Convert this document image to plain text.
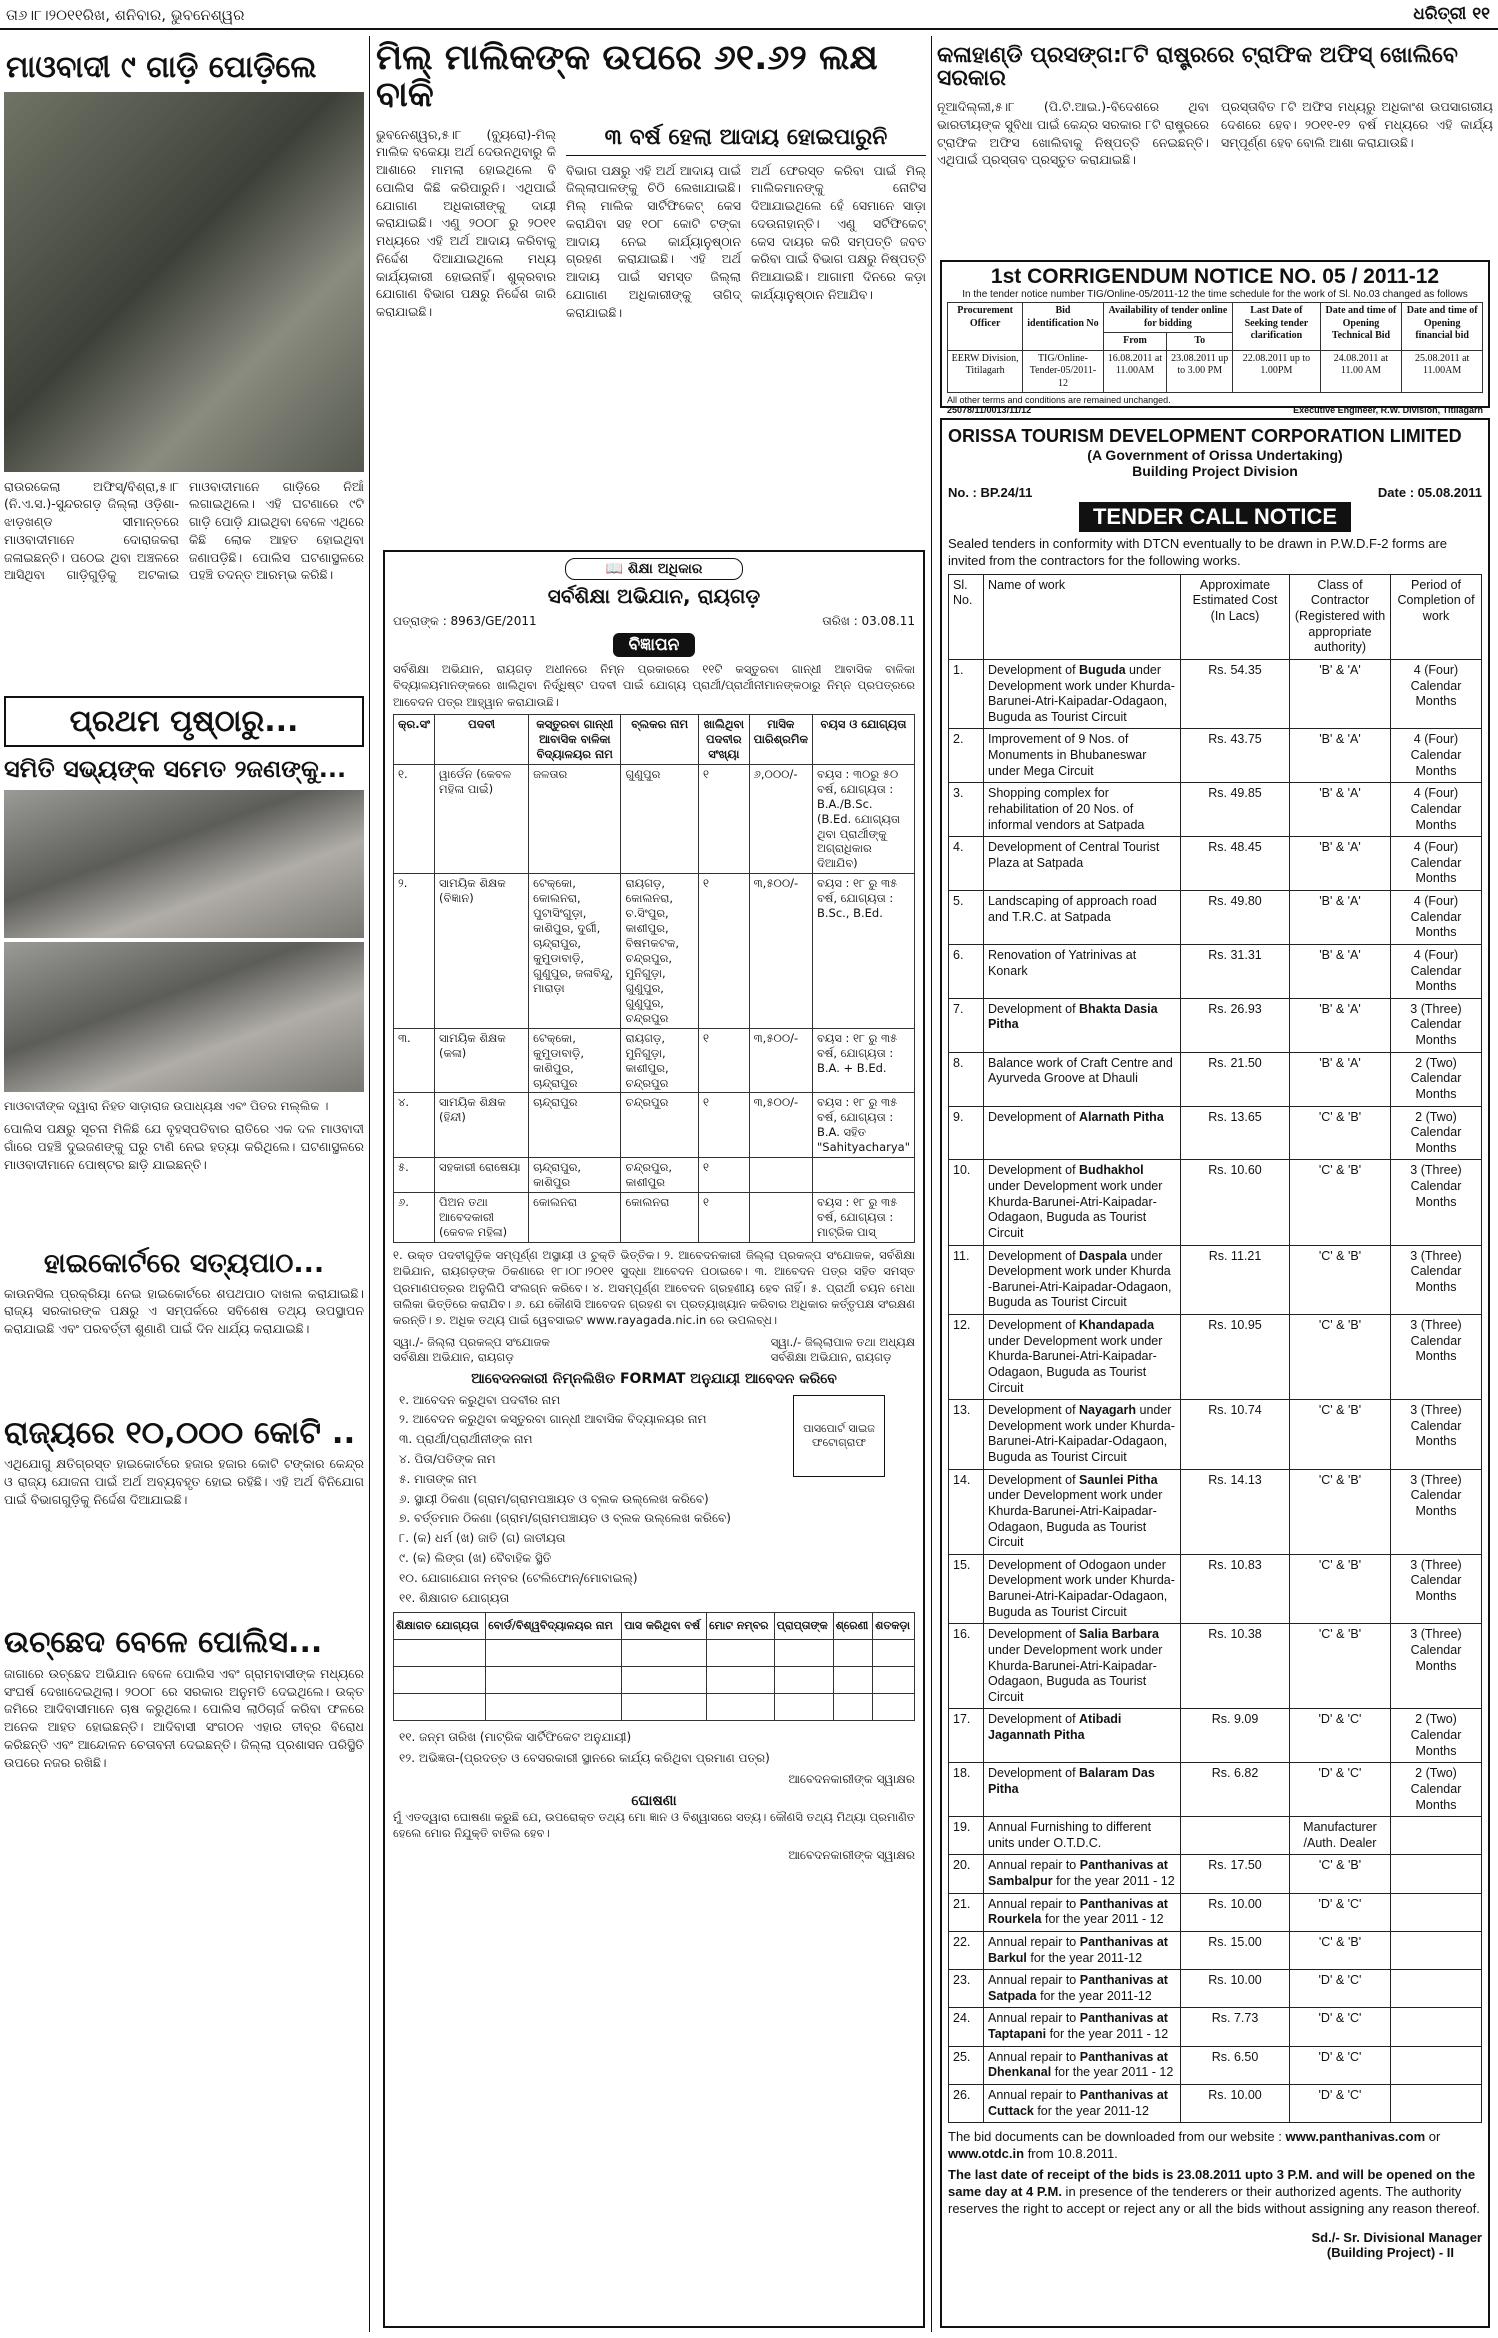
ତା୬।୮।୨୦୧୧ରିଖ, ଶନିବାର, ଭୁବନେଶ୍ୱର	ଧରିତ୍ରୀ ୧୧
ମାଓବାଦୀ ୯ ଗାଡ଼ି ପୋଡ଼ିଲେ
ରାଉରକେଲା ଅଫିସ୍‌/ବିଶ୍ରା,୫।୮ (ନି.ଏ.ସ.)-ସୁନ୍ଦରଗଡ଼ ଜିଲ୍ଲା ଓଡ଼ିଶା-ଝାଡ଼ଖଣ୍ଡ ସୀମାନ୍ତରେ ମାଓବାଦୀମାନେ ଦୋରାଜକରା ଜଳାଇଛନ୍ତି। ପଠେଇ ଥିବା ଅଞ୍ଚଳରେ ଆସିଥିବା ଗାଡ଼ିଗୁଡ଼ିକୁ ଅଟକାଇ ମାଓବାଦୀମାନେ ଗାଡ଼ିରେ ନିଆଁ ଲଗାଇଥିଲେ। ଏହି ଘଟଣାରେ ୯ଟି ଗାଡ଼ି ପୋଡ଼ି ଯାଇଥିବା ବେଳେ ଏଥିରେ କିଛି ଲୋକ ଆହତ ହୋଇଥିବା ଜଣାପଡ଼ିଛି। ପୋଲିସ ଘଟଣାସ୍ଥଳରେ ପହଞ୍ଚି ତଦନ୍ତ ଆରମ୍ଭ କରିଛି।
ପ୍ରଥମ ପୃଷ୍ଠାରୁ...
ସମିତି ସଭ୍ୟଙ୍କ ସମେତ ୨ଜଣଙ୍କୁ...
ମାଓବାଦୀଙ୍କ ଦ୍ୱାରା ନିହତ ସାଡ଼ାରାଜ ଉପାଧ୍ୟକ୍ଷ ଏବଂ ପିତର ମଲ୍ଲିକ ।
ପୋଲିସ ପକ୍ଷରୁ ସୂଚନା ମିଳିଛି ଯେ ବୃହସ୍ପତିବାର ରାତିରେ ଏକ ଦଳ ମାଓବାଦୀ ଗାଁରେ ପହଞ୍ଚି ଦୁଇଜଣଙ୍କୁ ଘରୁ ଟାଣି ନେଇ ହତ୍ୟା କରିଥିଲେ। ଘଟଣାସ୍ଥଳରେ ମାଓବାଦୀମାନେ ପୋଷ୍ଟର ଛାଡ଼ି ଯାଇଛନ୍ତି।
ହାଇକୋର୍ଟରେ ସତ୍ୟପାଠ...
କାଉନସିଲ ପ୍ରକ୍ରିୟା ନେଇ ହାଇକୋର୍ଟରେ ଶପଥପାଠ ଦାଖଲ କରାଯାଇଛି। ରାଜ୍ୟ ସରକାରଙ୍କ ପକ୍ଷରୁ ଏ ସମ୍ପର୍କରେ ସବିଶେଷ ତଥ୍ୟ ଉପସ୍ଥାପନ କରାଯାଇଛି ଏବଂ ପରବର୍ତ୍ତୀ ଶୁଣାଣି ପାଇଁ ଦିନ ଧାର୍ଯ୍ୟ କରାଯାଇଛି।
ରାଜ୍ୟରେ ୧୦,୦୦୦ କୋଟି ..
ଏଥିଯୋଗୁ କ୍ଷତିଗ୍ରସ୍ତ ହାଇକୋର୍ଟରେ ହଜାର ହଜାର କୋଟି ଟଙ୍କାର କେନ୍ଦ୍ର ଓ ରାଜ୍ୟ ଯୋଜନା ପାଇଁ ଅର୍ଥ ଅବ୍ୟବହୃତ ହୋଇ ରହିଛି। ଏହି ଅର୍ଥ ବିନିଯୋଗ ପାଇଁ ବିଭାଗଗୁଡ଼ିକୁ ନିର୍ଦ୍ଦେଶ ଦିଆଯାଇଛି।
ଉଚ୍ଛେଦ ବେଳେ ପୋଲିସ...
ଜାଗାରେ ଉଚ୍ଛେଦ ଅଭିଯାନ ବେଳେ ପୋଲିସ ଏବଂ ଗ୍ରାମବାସୀଙ୍କ ମଧ୍ୟରେ ସଂଘର୍ଷ ଦେଖାଦେଇଥିଲା। ୨୦୦୮ ରେ ସରକାର ଅନୁମତି ଦେଇଥିଲେ। ଉକ୍ତ ଜମିରେ ଆଦିବାସୀମାନେ ଚାଷ କରୁଥିଲେ। ପୋଲିସ ଲାଠିଚାର୍ଜ କରିବା ଫଳରେ ଅନେକ ଆହତ ହୋଇଛନ୍ତି। ଆଦିବାସୀ ସଂଗଠନ ଏହାର ତୀବ୍ର ବିରୋଧ କରିଛନ୍ତି ଏବଂ ଆନ୍ଦୋଳନ ଚେତାବନୀ ଦେଇଛନ୍ତି। ଜିଲ୍ଲା ପ୍ରଶାସନ ପରିସ୍ଥିତି ଉପରେ ନଜର ରଖିଛି।
ମିଲ୍ ମାଲିକଙ୍କ ଉପରେ ୬୧.୬୨ ଲକ୍ଷ ବାକି
ଭୁବନେଶ୍ୱର,୫।୮ (ବ୍ୟୁରୋ)-ମିଲ୍ ମାଲିକ ବକେୟା ଅର୍ଥ ଦେଉନଥିବାରୁ କି ଆଶାରେ ମାମଲା ହୋଇଥିଲେ ବି ପୋଲିସ କିଛି କରିପାରୁନି। ଏଥିପାଇଁ ଯୋଗାଣ ଅଧିକାରୀଙ୍କୁ ଦାୟୀ କରାଯାଇଛି। ଏଣୁ ୨୦୦୮ ରୁ ୨୦୧୧ ମଧ୍ୟରେ ଏହି ଅର୍ଥ ଆଦାୟ କରିବାକୁ ନିର୍ଦ୍ଦେଶ ଦିଆଯାଇଥିଲେ ମଧ୍ୟ କାର୍ଯ୍ୟକାରୀ ହୋଇନାହିଁ। ଶୁକ୍ରବାର ଯୋଗାଣ ବିଭାଗ ପକ୍ଷରୁ ନିର୍ଦ୍ଦେଶ ଜାରି କରାଯାଇଛି।
୩ ବର୍ଷ ହେଲା ଆଦାୟ ହୋଇପାରୁନି
ବିଭାଗ ପକ୍ଷରୁ ଏହି ଅର୍ଥ ଆଦାୟ ପାଇଁ ଜିଲ୍ଲାପାଳଙ୍କୁ ଚିଠି ଲେଖାଯାଇଛି। ମିଲ୍ ମାଲିକ ସାର୍ଟିଫିକେଟ୍ କେସ କରାଯିବା ସହ ୧୦୮ କୋଟି ଟଙ୍କା ଆଦାୟ ନେଇ କାର୍ଯ୍ୟାନୁଷ୍ଠାନ ଗ୍ରହଣ କରାଯାଇଛି। ଏହି ଅର୍ଥ ଆଦାୟ ପାଇଁ ସମସ୍ତ ଜିଲ୍ଲା ଯୋଗାଣ ଅଧିକାରୀଙ୍କୁ ତାଗିଦ୍ କରାଯାଇଛି।
ଅର୍ଥ ଫେରସ୍ତ କରିବା ପାଇଁ ମିଲ୍ ମାଲିକମାନଙ୍କୁ ନୋଟିସ ଦିଆଯାଇଥିଲେ ହେଁ ସେମାନେ ସାଡ଼ା ଦେଉନାହାନ୍ତି। ଏଣୁ ସର୍ଟିଫିକେଟ୍ କେସ ଦାୟର କରି ସମ୍ପତ୍ତି ଜବତ କରିବା ପାଇଁ ବିଭାଗ ପକ୍ଷରୁ ନିଷ୍ପତ୍ତି ନିଆଯାଇଛି। ଆଗାମୀ ଦିନରେ କଡ଼ା କାର୍ଯ୍ୟାନୁଷ୍ଠାନ ନିଆଯିବ।
କଳାହାଣ୍ଡି ପ୍ରସଙ୍ଗ:୮ଟି ରାଷ୍ଟ୍ରରେ ଟ୍ରାଫିକ ଅଫିସ୍ ଖୋଲିବେ ସରକାର
ନୂଆଦିଲ୍ଲୀ,୫।୮ (ପି.ଟି.ଆଇ.)-ବିଦେଶରେ ଥିବା ଭାରତୀୟଙ୍କ ସୁବିଧା ପାଇଁ କେନ୍ଦ୍ର ସରକାର ୮ଟି ରାଷ୍ଟ୍ରରେ ଟ୍ରାଫିକ ଅଫିସ ଖୋଲିବାକୁ ନିଷ୍ପତ୍ତି ନେଇଛନ୍ତି। ଏଥିପାଇଁ ପ୍ରସ୍ତାବ ପ୍ରସ୍ତୁତ କରାଯାଇଛି।
ପ୍ରସ୍ତାବିତ ୮ଟି ଅଫିସ ମଧ୍ୟରୁ ଅଧିକାଂଶ ଉପସାଗରୀୟ ଦେଶରେ ହେବ। ୨୦୧୧-୧୨ ବର୍ଷ ମଧ୍ୟରେ ଏହି କାର୍ଯ୍ୟ ସମ୍ପୂର୍ଣ୍ଣ ହେବ ବୋଲି ଆଶା କରାଯାଉଛି।
1st CORRIGENDUM NOTICE NO. 05 / 2011-12
In the tender notice number TIG/Online-05/2011-12 the time schedule for the work of Sl. No.03 changed as follows
Procurement Officer	Bid identification No	Availability of tender online for bidding		Last Date of Seeking tender clarification	Date and time of Opening Technical Bid	Date and time of Opening financial bid
		From	To			
EERW Division, Titilagarh	TIG/Online-Tender-05/2011-12	16.08.2011 at 11.00AM	23.08.2011 up to 3.00 PM	22.08.2011 up to 1.00PM	24.08.2011 at 11.00 AM	25.08.2011 at 11.00AM
All other terms and conditions are remained unchanged.
25078/11/0013/11/12	Executive Engineer, R.W. Division, Titilagarh
ORISSA TOURISM DEVELOPMENT CORPORATION LIMITED
(A Government of Orissa Undertaking)
Building Project Division
No. : BP.24/11	Date : 05.08.2011
TENDER CALL NOTICE
Sealed tenders in conformity with DTCN eventually to be drawn in P.W.D.F-2 forms are invited from the contractors for the following works.
Sl. No.	Name of work	Approximate Estimated Cost (In Lacs)	Class of Contractor (Registered with appropriate authority)	Period of Completion of work
1.	Development of Buguda under Development work under Khurda-Barunei-Atri-Kaipadar-Odagaon, Buguda as Tourist Circuit	Rs. 54.35	'B' & 'A'	4 (Four) Calendar Months
2.	Improvement of 9 Nos. of Monuments in Bhubaneswar under Mega Circuit	Rs. 43.75	'B' & 'A'	4 (Four) Calendar Months
3.	Shopping complex for rehabilitation of 20 Nos. of informal vendors at Satpada	Rs. 49.85	'B' & 'A'	4 (Four) Calendar Months
4.	Development of Central Tourist Plaza at Satpada	Rs. 48.45	'B' & 'A'	4 (Four) Calendar Months
5.	Landscaping of approach road and T.R.C. at Satpada	Rs. 49.80	'B' & 'A'	4 (Four) Calendar Months
6.	Renovation of Yatrinivas at Konark	Rs. 31.31	'B' & 'A'	4 (Four) Calendar Months
7.	Development of Bhakta Dasia Pitha	Rs. 26.93	'B' & 'A'	3 (Three) Calendar Months
8.	Balance work of Craft Centre and Ayurveda Groove at Dhauli	Rs. 21.50	'B' & 'A'	2 (Two) Calendar Months
9.	Development of Alarnath Pitha	Rs. 13.65	'C' & 'B'	2 (Two) Calendar Months
10.	Development of Budhakhol under Development work under Khurda-Barunei-Atri-Kaipadar-Odagaon, Buguda as Tourist Circuit	Rs. 10.60	'C' & 'B'	3 (Three) Calendar Months
11.	Development of Daspala under Development work under Khurda -Barunei-Atri-Kaipadar-Odagaon, Buguda as Tourist Circuit	Rs. 11.21	'C' & 'B'	3 (Three) Calendar Months
12.	Development of Khandapada under Development work under Khurda-Barunei-Atri-Kaipadar-Odagaon, Buguda as Tourist Circuit	Rs. 10.95	'C' & 'B'	3 (Three) Calendar Months
13.	Development of Nayagarh under Development work under Khurda-Barunei-Atri-Kaipadar-Odagaon, Buguda as Tourist Circuit	Rs. 10.74	'C' & 'B'	3 (Three) Calendar Months
14.	Development of Saunlei Pitha under Development work under Khurda-Barunei-Atri-Kaipadar-Odagaon, Buguda as Tourist Circuit	Rs. 14.13	'C' & 'B'	3 (Three) Calendar Months
15.	Development of Odogaon under Development work under Khurda-Barunei-Atri-Kaipadar-Odagaon, Buguda as Tourist Circuit	Rs. 10.83	'C' & 'B'	3 (Three) Calendar Months
16.	Development of Salia Barbara under Development work under Khurda-Barunei-Atri-Kaipadar-Odagaon, Buguda as Tourist Circuit	Rs. 10.38	'C' & 'B'	3 (Three) Calendar Months
17.	Development of Atibadi Jagannath Pitha	Rs. 9.09	'D' & 'C'	2 (Two) Calendar Months
18.	Development of Balaram Das Pitha	Rs. 6.82	'D' & 'C'	2 (Two) Calendar Months
19.	Annual Furnishing to different units under O.T.D.C.		Manufacturer /Auth. Dealer	
20.	Annual repair to Panthanivas at Sambalpur for the year 2011 - 12	Rs. 17.50	'C' & 'B'	
21.	Annual repair to Panthanivas at Rourkela for the year 2011 - 12	Rs. 10.00	'D' & 'C'	
22.	Annual repair to Panthanivas at Barkul for the year 2011-12	Rs. 15.00	'C' & 'B'	
23.	Annual repair to Panthanivas at Satpada for the year 2011-12	Rs. 10.00	'D' & 'C'	
24.	Annual repair to Panthanivas at Taptapani for the year 2011 - 12	Rs. 7.73	'D' & 'C'	
25.	Annual repair to Panthanivas at Dhenkanal for the year 2011 - 12	Rs. 6.50	'D' & 'C'	
26.	Annual repair to Panthanivas at Cuttack for the year 2011-12	Rs. 10.00	'D' & 'C'	
The bid documents can be downloaded from our website : www.panthanivas.com or www.otdc.in from 10.8.2011.
The last date of receipt of the bids is 23.08.2011 upto 3 P.M. and will be opened on the same day at 4 P.M. in presence of the tenderers or their authorized agents. The authority reserves the right to accept or reject any or all the bids without assigning any reason thereof.
Sd./- Sr. Divisional Manager
(Building Project) - II
📖 ଶିକ୍ଷା ଅଧିକାର
ସର୍ବଶିକ୍ଷା ଅଭିଯାନ, ରାୟଗଡ଼
ପତ୍ରାଙ୍କ : 8963/GE/2011	ତାରିଖ : 03.08.11
ବିଜ୍ଞାପନ
ସର୍ବଶିକ୍ଷା ଅଭିଯାନ, ରାୟଗଡ଼ ଅଧୀନରେ ନିମ୍ନ ପ୍ରକାରରେ ୧୧ଟି କସ୍ତୁରବା ଗାନ୍ଧୀ ଆବାସିକ ବାଳିକା ବିଦ୍ୟାଳୟମାନଙ୍କରେ ଖାଲିଥିବା ନିର୍ଦ୍ଧିଷ୍ଟ ପଦବୀ ପାଇଁ ଯୋଗ୍ୟ ପ୍ରାର୍ଥୀ/ପ୍ରାର୍ଥୀନୀମାନଙ୍କଠାରୁ ନିମ୍ନ ପ୍ରପତ୍ରରେ ଆବେଦନ ପତ୍ର ଆହ୍ୱାନ କରାଯାଉଛି।
କ୍ର.ସଂ	ପଦବୀ	କସ୍ତୁରବା ଗାନ୍ଧୀ ଆବାସିକ ବାଳିକା ବିଦ୍ୟାଳୟର ନାମ	ବ୍ଲକର ନାମ	ଖାଲିଥିବା ପଦବୀର ସଂଖ୍ୟା	ମାସିକ ପାରିଶ୍ରମିକ	ବୟସ ଓ ଯୋଗ୍ୟତା
୧.	ୱାର୍ଡେନ (କେବଳ ମହିଳା ପାଇଁ)	ଜଳତାର	ଗୁଣୁପୁର	୧	୬,୦୦୦/-	ବୟସ : ୩୦ରୁ ୫୦ ବର୍ଷ, ଯୋଗ୍ୟତା : B.A./B.Sc. (B.Ed. ଯୋଗ୍ୟତା ଥିବା ପ୍ରାର୍ଥୀଙ୍କୁ ଅଗ୍ରାଧିକାର ଦିଆଯିବ)
୨.	ସାମୟିକ ଶିକ୍ଷକ (ବିଜ୍ଞାନ)	ଟେକ୍କୋ, କୋଲନରା, ପୁଟାସିଂଗୁଡ଼ା, କାଶିପୁର, ଦୁର୍ଗୀ, ଚାନ୍ଦ୍ରାପୁର, କୁମୁଡାବାଡ଼ି, ଗୁଣୁପୁର, ଜଳାବିନ୍ଦୁ, ମାରାଡ଼ା	ରାୟଗଡ଼, କୋଲନରା, ଚ.ସିଂପୁର, କାଶୀପୁର, ବିଷମକଟକ, ଚନ୍ଦ୍ରପୁର, ମୁନିଗୁଡ଼ା, ଗୁଣୁପୁର, ଗୁଣୁପୁର, ଚନ୍ଦ୍ରପୁର	୧	୩,୫୦୦/-	ବୟସ : ୧୮ ରୁ ୩୫ ବର୍ଷ, ଯୋଗ୍ୟତା : B.Sc., B.Ed.
୩.	ସାମୟିକ ଶିକ୍ଷକ (କଳା)	ଟେକ୍କୋ, କୁମୁଡାବାଡ଼ି, କାଶିପୁର, ଚାନ୍ଦ୍ରାପୁର	ରାୟଗଡ଼, ମୁନିଗୁଡ଼ା, କାଶୀପୁର, ଚନ୍ଦ୍ରପୁର	୧	୩,୫୦୦/-	ବୟସ : ୧୮ ରୁ ୩୫ ବର୍ଷ, ଯୋଗ୍ୟତା : B.A. + B.Ed.
୪.	ସାମୟିକ ଶିକ୍ଷକ (ହିନ୍ଦୀ)	ଚାନ୍ଦ୍ରାପୁର	ଚନ୍ଦ୍ରପୁର	୧	୩,୫୦୦/-	ବୟସ : ୧୮ ରୁ ୩୫ ବର୍ଷ, ଯୋଗ୍ୟତା : B.A. ସହିତ "Sahityacharya"
୫.	ସହକାରୀ ରୋଷେୟା	ଚାନ୍ଦ୍ରାପୁର, କାଶିପୁର	ଚନ୍ଦ୍ରପୁର, କାଶୀପୁର	୧		
୬.	ପିଅନ ତଥା ଆବେଦକାରୀ (କେବଳ ମହିଳା)	କୋଲନରା	କୋଲନରା	୧		ବୟସ : ୧୮ ରୁ ୩୫ ବର୍ଷ, ଯୋଗ୍ୟତା : ମାଟ୍ରିକ ପାସ୍
୧. ଉକ୍ତ ପଦବୀଗୁଡ଼ିକ ସମ୍ପୂର୍ଣ୍ଣ ଅସ୍ଥାୟୀ ଓ ଚୁକ୍ତି ଭିତ୍ତିକ। ୨. ଆବେଦନକାରୀ ଜିଲ୍ଲା ପ୍ରକଳ୍ପ ସଂଯୋଜକ, ସର୍ବଶିକ୍ଷା ଅଭିଯାନ, ରାୟଗଡ଼ଙ୍କ ଠିକଣାରେ ୧୮।୦୮।୨୦୧୧ ସୁଦ୍ଧା ଆବେଦନ ପଠାଇବେ। ୩. ଆବେଦନ ପତ୍ର ସହିତ ସମସ୍ତ ପ୍ରମାଣପତ୍ରର ଅନୁଲିପି ସଂଲଗ୍ନ କରିବେ। ୪. ଅସମ୍ପୂର୍ଣ୍ଣ ଆବେଦନ ଗ୍ରହଣୀୟ ହେବ ନାହିଁ। ୫. ପ୍ରାର୍ଥୀ ଚୟନ ମେଧା ତାଲିକା ଭିତ୍ତିରେ କରାଯିବ। ୬. ଯେ କୌଣସି ଆବେଦନ ଗ୍ରହଣ ବା ପ୍ରତ୍ୟାଖ୍ୟାନ କରିବାର ଅଧିକାର କର୍ତ୍ତୃପକ୍ଷ ସଂରକ୍ଷଣ କରନ୍ତି। ୭. ଅଧିକ ତଥ୍ୟ ପାଇଁ ୱେବସାଇଟ www.rayagada.nic.in ରେ ଉପଲବ୍ଧ।
ସ୍ୱା./- ଜିଲ୍ଲା ପ୍ରକଳ୍ପ ସଂଯୋଜକ
ସର୍ବଶିକ୍ଷା ଅଭିଯାନ, ରାୟଗଡ଼
ସ୍ୱା./- ଜିଲ୍ଲାପାଳ ତଥା ଅଧ୍ୟକ୍ଷ
ସର୍ବଶିକ୍ଷା ଅଭିଯାନ, ରାୟଗଡ଼
ଆବେଦନକାରୀ ନିମ୍ନଲିଖିତ FORMAT ଅନୁଯାୟୀ ଆବେଦନ କରିବେ
ପାସପୋର୍ଟ ସାଇଜ ଫଟୋଗ୍ରାଫ
୧. ଆବେଦନ କରୁଥିବା ପଦବୀର ନାମ
୨. ଆବେଦନ କରୁଥିବା କସ୍ତୁରବା ଗାନ୍ଧୀ ଆବାସିକ ବିଦ୍ୟାଳୟର ନାମ
୩. ପ୍ରାର୍ଥୀ/ପ୍ରାର୍ଥୀନୀଙ୍କ ନାମ
୪. ପିତା/ପତିଙ୍କ ନାମ
୫. ମାତାଙ୍କ ନାମ
୬. ସ୍ଥାୟୀ ଠିକଣା (ଗ୍ରାମ/ଗ୍ରାମପଞ୍ଚାୟତ ଓ ବ୍ଲକ ଉଲ୍ଲେଖ କରିବେ)
୭. ବର୍ତ୍ତମାନ ଠିକଣା (ଗ୍ରାମ/ଗ୍ରାମପଞ୍ଚାୟତ ଓ ବ୍ଲକ ଉଲ୍ଲେଖ କରିବେ)
୮. (କ) ଧର୍ମ (ଖ) ଜାତି (ଗ) ଜାତୀୟତା
୯. (କ) ଲିଙ୍ଗ (ଖ) ବୈବାହିକ ସ୍ଥିତି
୧୦. ଯୋଗାଯୋଗ ନମ୍ବର (ଟେଲିଫୋନ୍/ମୋବାଇଲ୍)
୧୧. ଶିକ୍ଷାଗତ ଯୋଗ୍ୟତା
ଶିକ୍ଷାଗତ ଯୋଗ୍ୟତା	ବୋର୍ଡ/ବିଶ୍ୱବିଦ୍ୟାଳୟର ନାମ	ପାସ କରିଥିବା ବର୍ଷ	ମୋଟ ନମ୍ବର	ପ୍ରାପ୍ତାଙ୍କ	ଶ୍ରେଣୀ	ଶତକଡ଼ା

୧୧. ଜନ୍ମ ତାରିଖ (ମାଟ୍ରିକ ସାର୍ଟିଫିକେଟ ଅନୁଯାୟୀ)
୧୨. ଅଭିଜ୍ଞତା-(ପ୍ରଦତ୍ତ ଓ ବେସରକାରୀ ସ୍ଥାନରେ କାର୍ଯ୍ୟ କରିଥିବା ପ୍ରମାଣ ପତ୍ର)
ଆବେଦନକାରୀଙ୍କ ସ୍ୱାକ୍ଷର
ଘୋଷଣା
ମୁଁ ଏତଦ୍ୱାରା ଘୋଷଣା କରୁଛି ଯେ, ଉପରୋକ୍ତ ତଥ୍ୟ ମୋ ଜ୍ଞାନ ଓ ବିଶ୍ୱାସରେ ସତ୍ୟ। କୌଣସି ତଥ୍ୟ ମିଥ୍ୟା ପ୍ରମାଣିତ ହେଲେ ମୋର ନିଯୁକ୍ତି ବାତିଲ ହେବ।
ଆବେଦନକାରୀଙ୍କ ସ୍ୱାକ୍ଷର
